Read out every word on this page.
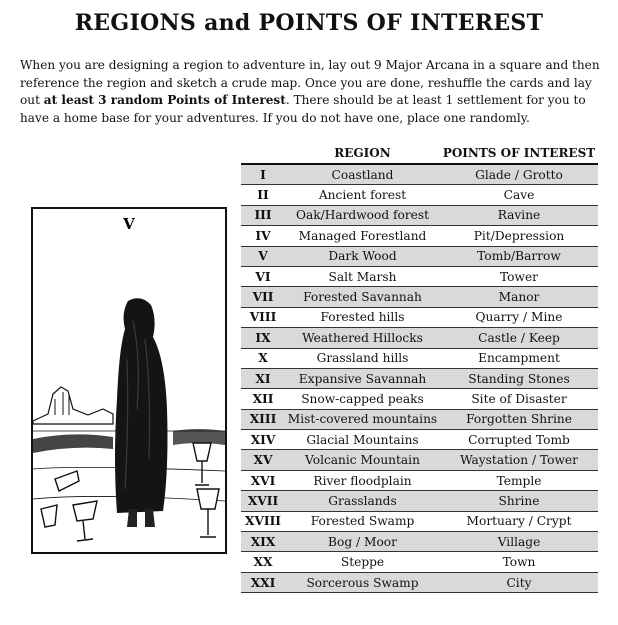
REGIONS and POINTS OF INTEREST
When you are designing a region to adventure in, lay out 9 Major Arcana in a square and then reference the region and sketch a crude map. Once you are done, reshuffle the cards and lay out at least 3 random Points of Interest. There should be at least 1 settlement for you to have a home base for your adventures. If you do not have one, place one randomly.
V
	REGION	POINTS OF INTEREST
I	Coastland	Glade / Grotto
II	Ancient forest	Cave
III	Oak/Hardwood forest	Ravine
IV	Managed Forestland	Pit/Depression
V	Dark Wood	Tomb/Barrow
VI	Salt Marsh	Tower
VII	Forested Savannah	Manor
VIII	Forested hills	Quarry / Mine
IX	Weathered Hillocks	Castle / Keep
X	Grassland hills	Encampment
XI	Expansive Savannah	Standing Stones
XII	Snow-capped peaks	Site of Disaster
XIII	Mist-covered mountains	Forgotten Shrine
XIV	Glacial Mountains	Corrupted Tomb
XV	Volcanic Mountain	Waystation / Tower
XVI	River floodplain	Temple
XVII	Grasslands	Shrine
XVIII	Forested Swamp	Mortuary / Crypt
XIX	Bog / Moor	Village
XX	Steppe	Town
XXI	Sorcerous Swamp	City
